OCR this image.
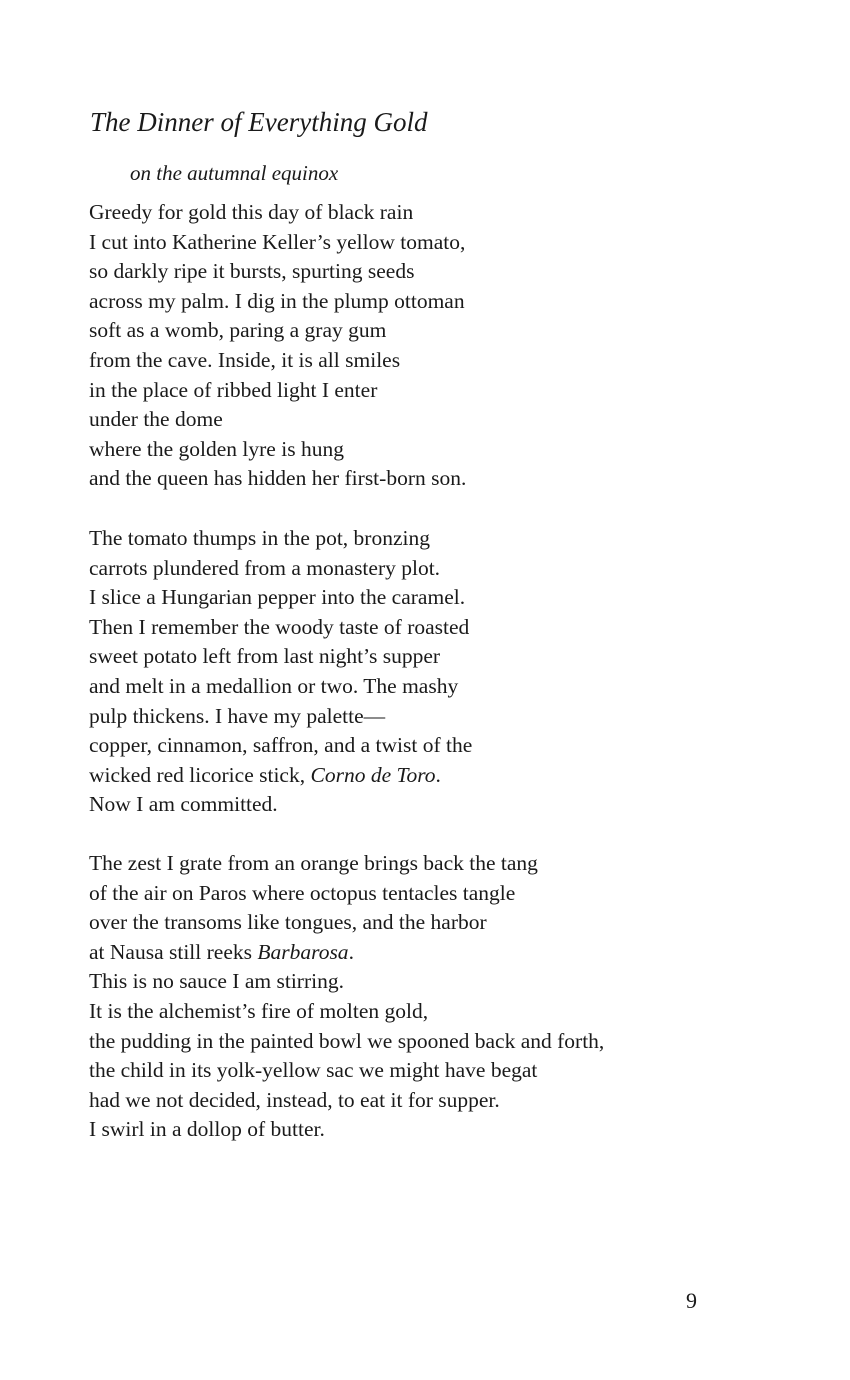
The Dinner of Everything Gold

on the autumnal equinox

Greedy for gold this day of black rain
I cut into Katherine Keller’s yellow tomato,
so darkly ripe it bursts, spurting seeds
across my palm. I dig in the plump ottoman
soft as a womb, paring a gray gum
from the cave. Inside, it is all smiles
in the place of ribbed light I enter
under the dome
where the golden lyre is hung
and the queen has hidden her first-born son.
The tomato thumps in the pot, bronzing
carrots plundered from a monastery plot.
I slice a Hungarian pepper into the caramel.
Then I remember the woody taste of roasted
sweet potato left from last night’s supper
and melt in a medallion or two. The mashy
pulp thickens. I have my palette—
copper, cinnamon, saffron, and a twist of the
wicked red licorice stick, Corno de Toro.
Now I am committed.
The zest I grate from an orange brings back the tang
of the air on Paros where octopus tentacles tangle
over the transoms like tongues, and the harbor
at Nausa still reeks Barbarosa.
This is no sauce I am stirring.
It is the alchemist’s fire of molten gold,
the pudding in the painted bowl we spooned back and forth,
the child in its yolk-yellow sac we might have begat
had we not decided, instead, to eat it for supper.
I swirl in a dollop of butter.

9
